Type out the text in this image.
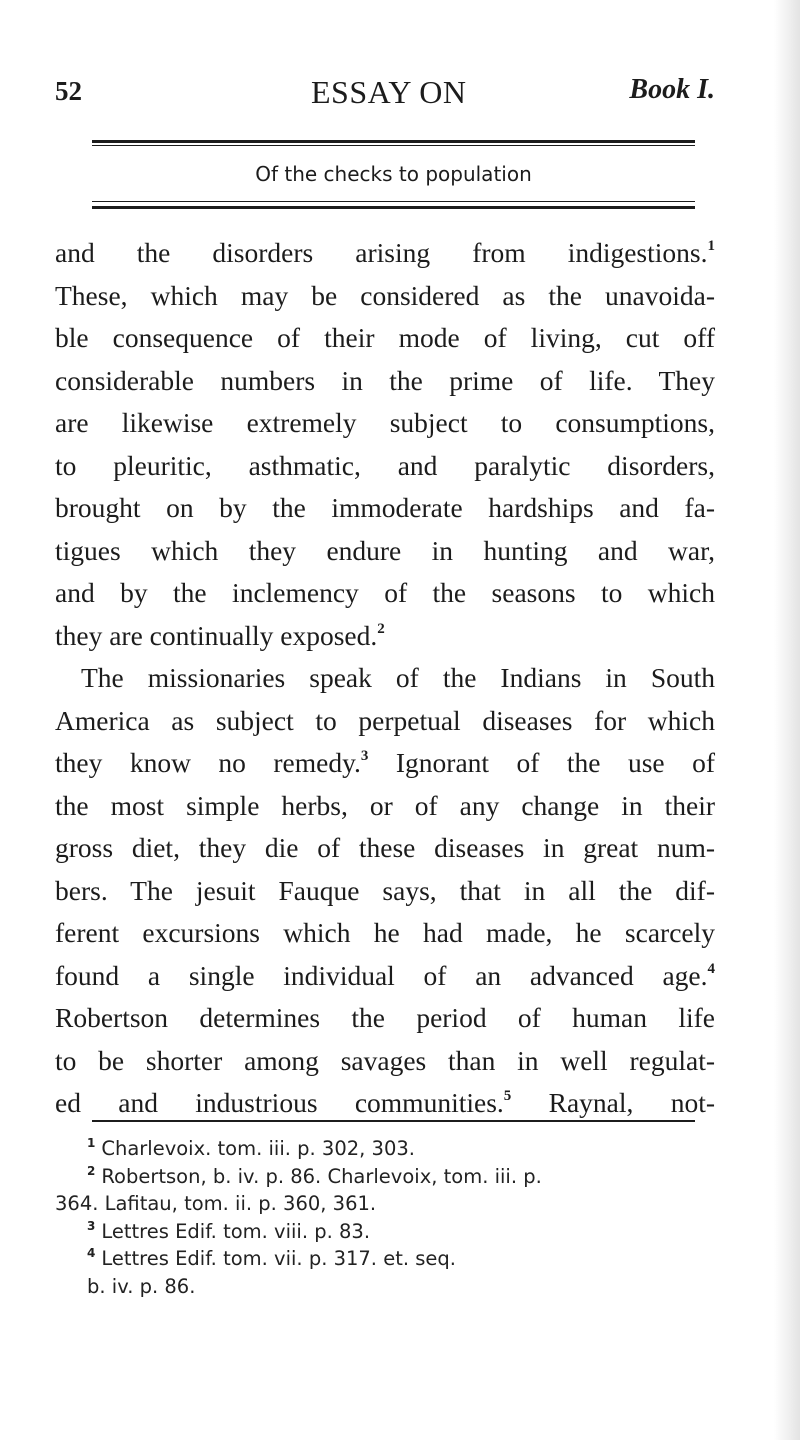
52	ESSAY ON	Book I.
Of the checks to population
and the disorders arising from indigestions.$^1$
These, which may be considered as the unavoida-
ble consequence of their mode of living, cut off
considerable numbers in the prime of life. They
are likewise extremely subject to consumptions,
to pleuritic, asthmatic, and paralytic disorders,
brought on by the immoderate hardships and fa-
tigues which they endure in hunting and war,
and by the inclemency of the seasons to which
they are continually exposed.$^2$
The missionaries speak of the Indians in South
America as subject to perpetual diseases for which
they know no remedy.$^3$ Ignorant of the use of
the most simple herbs, or of any change in their
gross diet, they die of these diseases in great num-
bers. The jesuit Fauque says, that in all the dif-
ferent excursions which he had made, he scarcely
found a single individual of an advanced age.$^4$
Robertson determines the period of human life
to be shorter among savages than in well regulat-
ed and industrious communities.$^5$ Raynal, not-
$^1$ Charlevoix. tom. iii. p. 302, 303.
$^2$ Robertson, b. iv. p. 86. Charlevoix, tom. iii. p.
364. Lafitau, tom. ii. p. 360, 361.
$^3$ Lettres Edif. tom. viii. p. 83.
$^4$ Lettres Edif. tom. vii. p. 317. et. seq.
b. iv. p. 86.
